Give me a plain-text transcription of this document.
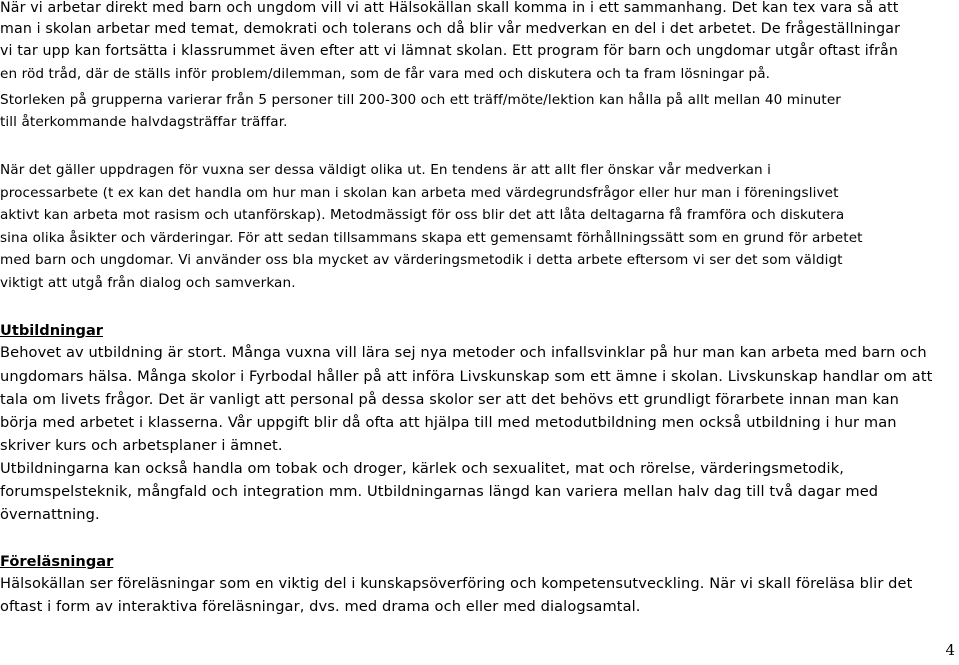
När vi arbetar direkt med barn och ungdom vill vi att Hälsokällan skall komma in i ett sammanhang. Det kan tex vara så att
man i skolan arbetar med temat, demokrati och tolerans och då blir vår medverkan en del i det arbetet. De frågeställningar
vi tar upp kan fortsätta i klassrummet även efter att vi lämnat skolan. Ett program för barn och ungdomar utgår oftast ifrån
en röd tråd, där de ställs inför problem/dilemman, som de får vara med och diskutera och ta fram lösningar på.
Storleken på grupperna varierar från 5 personer till 200-300 och ett träff/möte/lektion kan hålla på allt mellan 40 minuter
till återkommande halvdagsträffar träffar.
När det gäller uppdragen för vuxna ser dessa väldigt olika ut. En tendens är att allt fler önskar vår medverkan i
processarbete (t ex kan det handla om hur man i skolan kan arbeta med värdegrundsfrågor eller hur man i föreningslivet
aktivt kan arbeta mot rasism och utanförskap). Metodmässigt för oss blir det att låta deltagarna få framföra och diskutera
sina olika åsikter och värderingar. För att sedan tillsammans skapa ett gemensamt förhållningssätt som en grund för arbetet
med barn och ungdomar. Vi använder oss bla mycket av värderingsmetodik i detta arbete eftersom vi ser det som väldigt
viktigt att utgå från dialog och samverkan.
Utbildningar
Behovet av utbildning är stort. Många vuxna vill lära sej nya metoder och infallsvinklar på hur man kan arbeta med barn och
ungdomars hälsa. Många skolor i Fyrbodal håller på att införa Livskunskap som ett ämne i skolan. Livskunskap handlar om att
tala om livets frågor. Det är vanligt att personal på dessa skolor ser att det behövs ett grundligt förarbete innan man kan
börja med arbetet i klasserna. Vår uppgift blir då ofta att hjälpa till med metodutbildning men också utbildning i hur man
skriver kurs och arbetsplaner i ämnet.
Utbildningarna kan också handla om tobak och droger, kärlek och sexualitet, mat och rörelse, värderingsmetodik,
forumspelsteknik, mångfald och integration mm. Utbildningarnas längd kan variera mellan halv dag till två dagar med
övernattning.
Föreläsningar
Hälsokällan ser föreläsningar som en viktig del i kunskapsöverföring och kompetensutveckling. När vi skall föreläsa blir det
oftast i form av interaktiva föreläsningar, dvs. med drama och eller med dialogsamtal.
4
